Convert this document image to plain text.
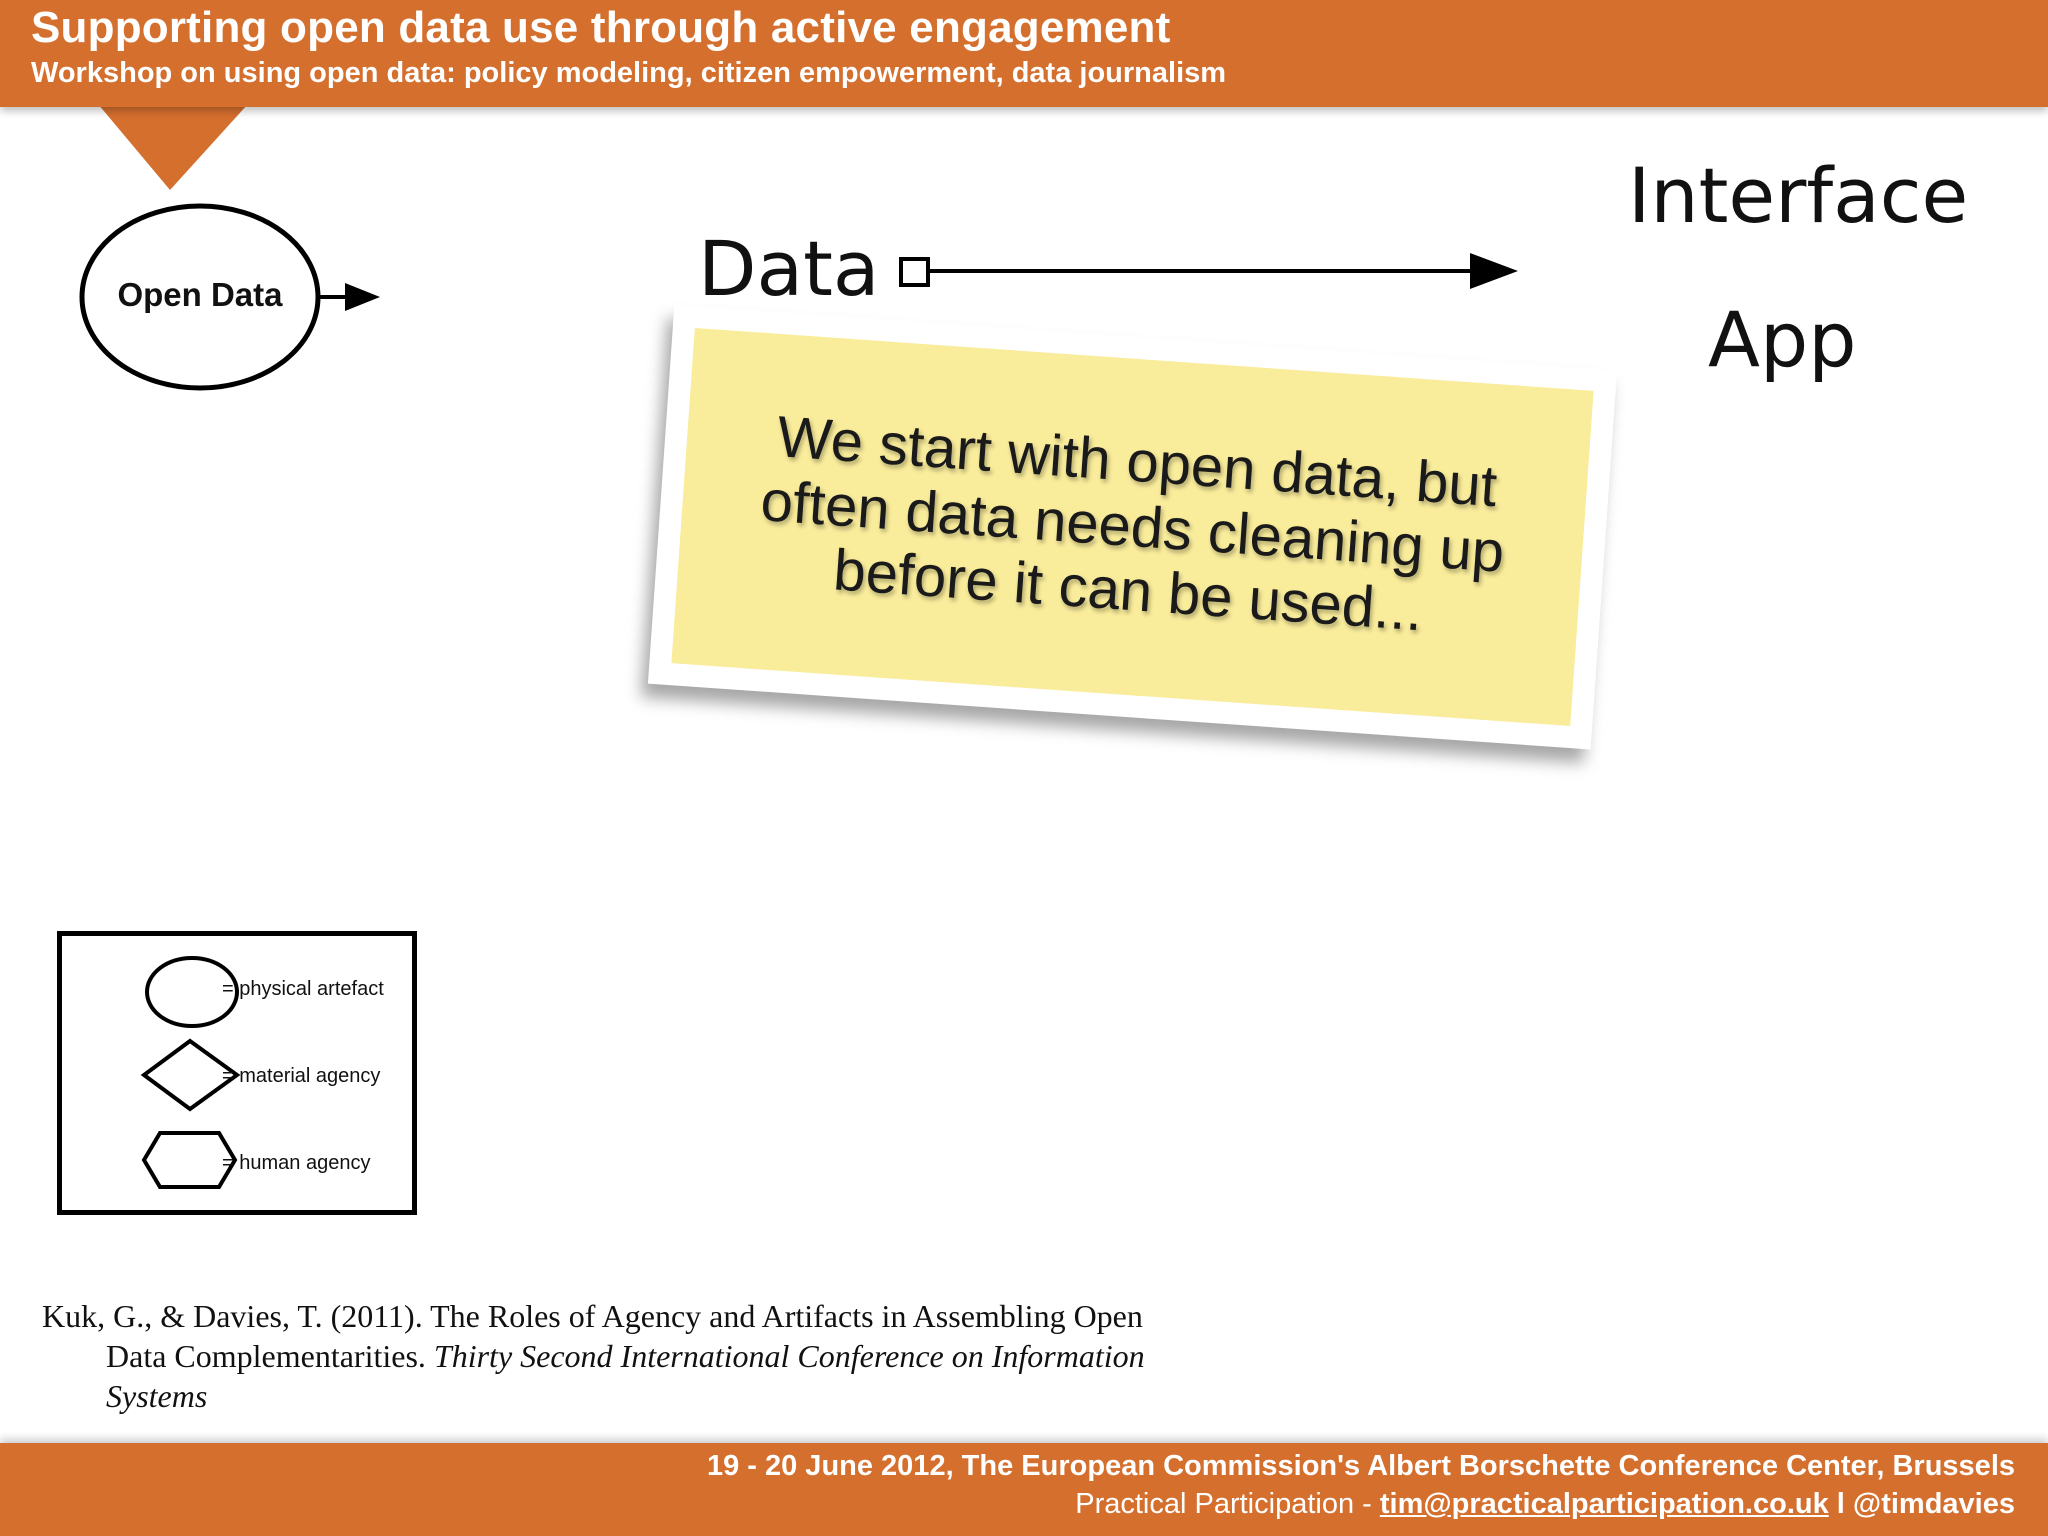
Supporting open data use through active engagement
Workshop on using open data: policy modeling, citizen empowerment, data journalism
Open Data	Data
Interface
App
We start with open data, but often data needs cleaning up before it can be used...
= physical artefact
= material agency
= human agency
Kuk, G., & Davies, T. (2011). The Roles of Agency and Artifacts in Assembling Open
Data Complementarities. Thirty Second International Conference on Information
Systems
19 - 20 June 2012, The European Commission's Albert Borschette Conference Center, Brussels
Practical Participation - tim@practicalparticipation.co.uk l @timdavies
